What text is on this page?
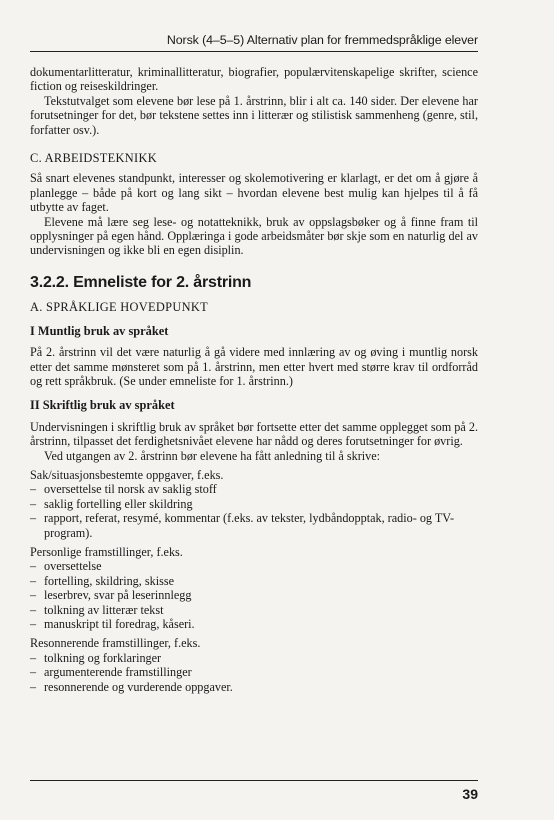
Norsk (4–5–5) Alternativ plan for fremmedspråklige elever

dokumentarlitteratur, kriminallitteratur, biografier, populærvitenskapelige skrifter, science fiction og reiseskildringer.

Tekstutvalget som elevene bør lese på 1. årstrinn, blir i alt ca. 140 sider. Der elevene har forutsetninger for det, bør tekstene settes inn i litterær og stilistisk sammenheng (genre, stil, forfatter osv.).

C. ARBEIDSTEKNIKK

Så snart elevenes standpunkt, interesser og skolemotivering er klarlagt, er det om å gjøre å planlegge – både på kort og lang sikt – hvordan elevene best mulig kan hjelpes til å få utbytte av faget.

Elevene må lære seg lese- og notatteknikk, bruk av oppslagsbøker og å finne fram til opplysninger på egen hånd. Opplæringa i gode arbeidsmåter bør skje som en naturlig del av undervisningen og ikke bli en egen disiplin.

3.2.2. Emneliste for 2. årstrinn
A. SPRÅKLIGE HOVEDPUNKT
I Muntlig bruk av språket

På 2. årstrinn vil det være naturlig å gå videre med innlæring av og øving i muntlig norsk etter det samme mønsteret som på 1. årstrinn, men etter hvert med større krav til ordforråd og rett språkbruk. (Se under emneliste for 1. årstrinn.)

II Skriftlig bruk av språket

Undervisningen i skriftlig bruk av språket bør fortsette etter det samme opplegget som på 2. årstrinn, tilpasset det ferdighetsnivået elevene har nådd og deres forutsetninger for øvrig.

Ved utgangen av 2. årstrinn bør elevene ha fått anledning til å skrive:

Sak/situasjonsbestemte oppgaver, f.eks.

– oversettelse til norsk av saklig stoff
– saklig fortelling eller skildring
– rapport, referat, resymé, kommentar (f.eks. av tekster, lydbåndopptak, radio- og TV-program).

Personlige framstillinger, f.eks.

– oversettelse
– fortelling, skildring, skisse
– leserbrev, svar på leserinnlegg
– tolkning av litterær tekst
– manuskript til foredrag, kåseri.

Resonnerende framstillinger, f.eks.

– tolkning og forklaringer
– argumenterende framstillinger
– resonnerende og vurderende oppgaver.
39
